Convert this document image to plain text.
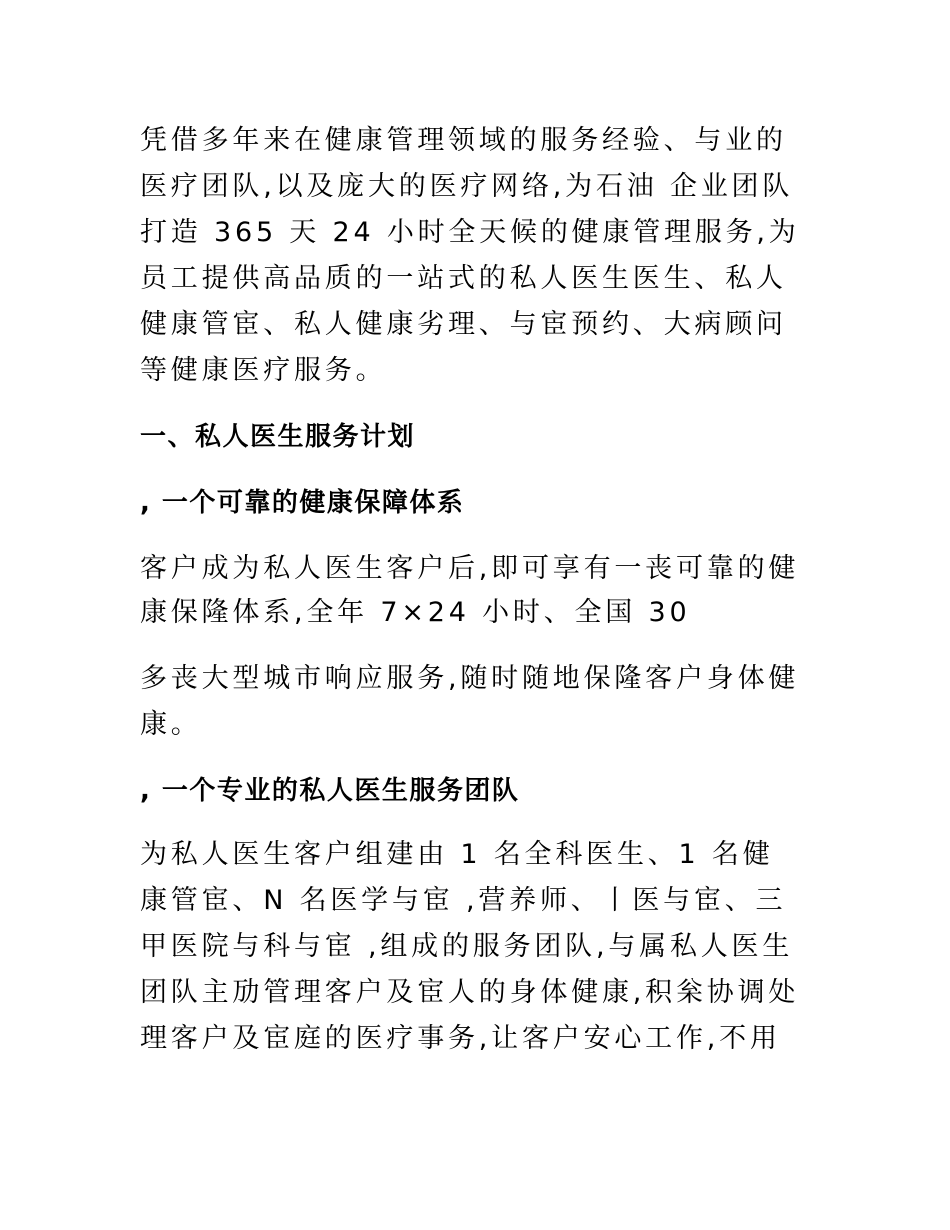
凭借多年来在健康管理领域的服务经验、与业的
医疗团队,以及庞大的医疗网络,为石油 企业团队
打造 365 天 24 小时全天候的健康管理服务,为
员工提供高品质的一站式的私人医生医生、私人
健康管宦、私人健康劣理、与宦预约、大病顾问
等健康医疗服务。
一、私人医生服务计划
, 一个可靠的健康保障体系
客户成为私人医生客户后,即可享有一丧可靠的健
康保隆体系,全年 7×24 小时、全国 30
多丧大型城市响应服务,随时随地保隆客户身体健
康。
, 一个专业的私人医生服务团队
为私人医生客户组建由 1 名全科医生、1 名健
康管宦、N 名医学与宦 ,营养师、丨医与宦、三
甲医院与科与宦 ,组成的服务团队,与属私人医生
团队主劢管理客户及宦人的身体健康,积枀协调处
理客户及宦庭的医疗事务,让客户安心工作,不用
